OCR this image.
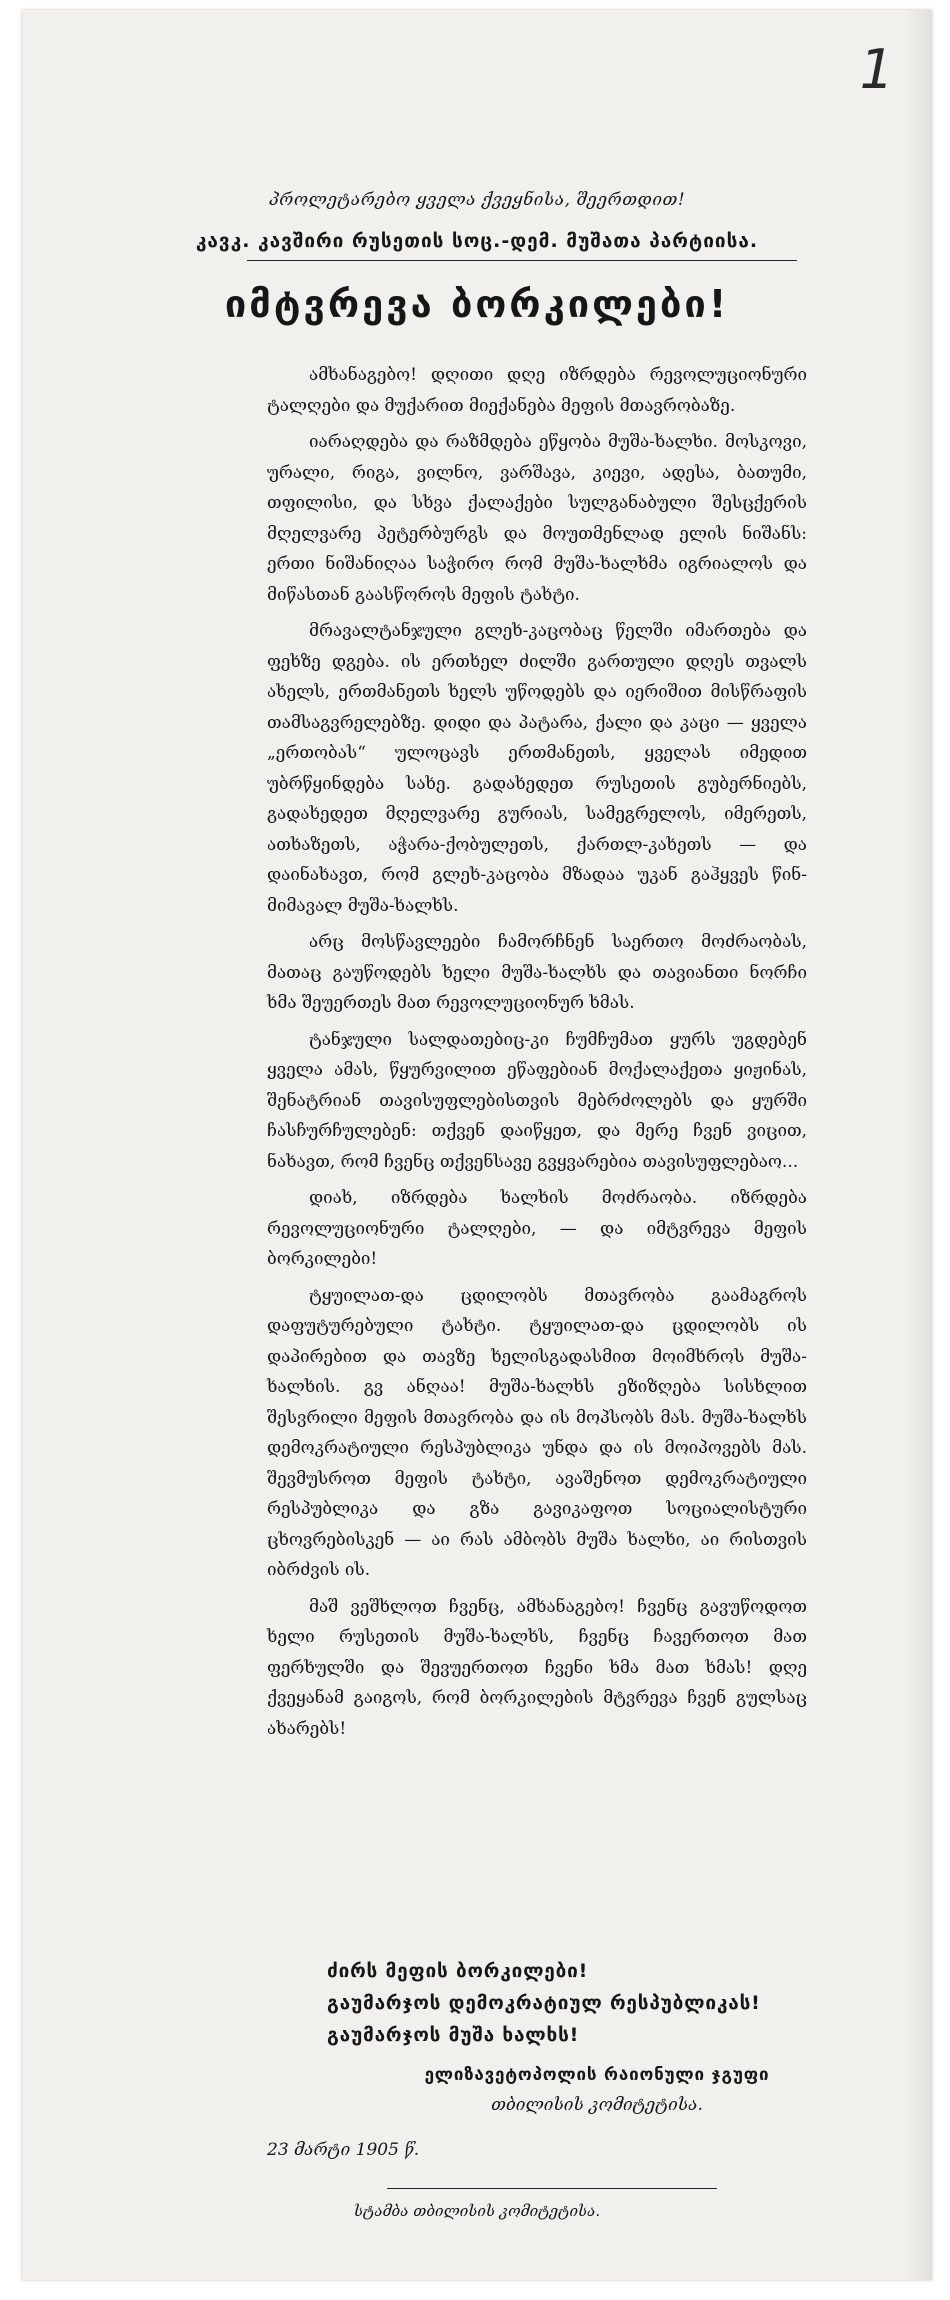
1
პროლეტარებო ყველა ქვეყნისა, შეერთდით!
კავკ. კავშირი რუსეთის სოც.-დემ. მუშათა პარტიისა.
იმტვრევა ბორკილები!

ამხანაგებო! დღითი დღე იზრდება რევოლუციონური ტალღები და მუქარით მიექანება მეფის მთავრობაზე.

იარაღდება და რაზმდება ეწყობა მუშა-ხალხი. მოსკოვი, ურალი, რიგა, ვილნო, ვარშავა, კიევი, ადესა, ბათუმი, თფილისი, და სხვა ქალაქები სულგანაბული შესცქერის მღელვარე პეტერბურგს და მოუთმენლად ელის ნიშანს: ერთი ნიშანიღაა საჭირო რომ მუშა-ხალხმა იგრიალოს და მიწასთან გაასწოროს მეფის ტახტი.

მრავალტანჯული გლეხ-კაცობაც წელში იმართება და ფეხზე დგება. ის ერთხელ ძილში გართული დღეს თვალს ახელს, ერთმანეთს ხელს უწოდებს და იერიშით მისწრაფის თამსაგვრელებზე. დიდი და პატარა, ქალი და კაცი — ყველა „ერთობას“ ულოცავს ერთმანეთს, ყველას იმედით უბრწყინდება სახე. გადახედეთ რუსეთის გუბერნიებს, გადახედეთ მღელვარე გურიას, სამეგრელოს, იმერეთს, ათხაზეთს, აჭარა-ქობულეთს, ქართლ-კახეთს — და დაინახავთ, რომ გლეხ-კაცობა მზადაა უკან გაჰყვეს წინ-მიმავალ მუშა-ხალხს.

არც მოსწავლეები ჩამორჩნენ საერთო მოძრაობას, მათაც გაუწოდებს ხელი მუშა-ხალხს და თავიანთი ნორჩი ხმა შეუერთეს მათ რევოლუციონურ ხმას.

ტანჯული სალდათებიც-კი ჩუმჩუმათ ყურს უგდებენ ყველა ამას, წყურვილით ეწაფებიან მოქალაქეთა ყიჟინას, შენატრიან თავისუფლებისთვის მებრძოლებს და ყურში ჩასჩურჩულებენ: თქვენ დაიწყეთ, და მერე ჩვენ ვიცით, ნახავთ, რომ ჩვენც თქვენსავე გვყვარებია თავისუფლებაო...

დიახ, იზრდება ხალხის მოძრაობა. იზრდება რევოლუციონური ტალღები, — და იმტვრევა მეფის ბორკილები!

ტყუილათ-და ცდილობს მთავრობა გაამაგროს დაფუტურებული ტახტი. ტყუილათ-და ცდილობს ის დაპირებით და თავზე ხელისგადასმით მოიმხროს მუშა-ხალხის. გვ ანღაა! მუშა-ხალხს ეზიზღება სისხლით შესვრილი მეფის მთავრობა და ის მოპსობს მას. მუშა-ხალხს დემოკრატიული რესპუბლიკა უნდა და ის მოიპოვებს მას. შევმუსროთ მეფის ტახტი, ავაშენოთ დემოკრატიული რესპუბლიკა და გზა გავიკაფოთ სოციალისტური ცხოვრებისკენ — აი რას ამბობს მუშა ხალხი, აი რისთვის იბრძვის ის.

მაშ ვეშხლოთ ჩვენც, ამხანაგებო! ჩვენც გავუწოდოთ ხელი რუსეთის მუშა-ხალხს, ჩვენც ჩავერთოთ მათ ფერხულში და შევუერთოთ ჩვენი ხმა მათ ხმას! დღე ქვეყანამ გაიგოს, რომ ბორკილების მტვრევა ჩვენ გულსაც ახარებს!

ძირს მეფის ბორკილები!
გაუმარჯოს დემოკრატიულ რესპუბლიკას!
გაუმარჯოს მუშა ხალხს!
ელიზავეტოპოლის რაიონული ჯგუფი
თბილისის კომიტეტისა.
23 მარტი 1905 წ.
სტამბა თბილისის კომიტეტისა.
